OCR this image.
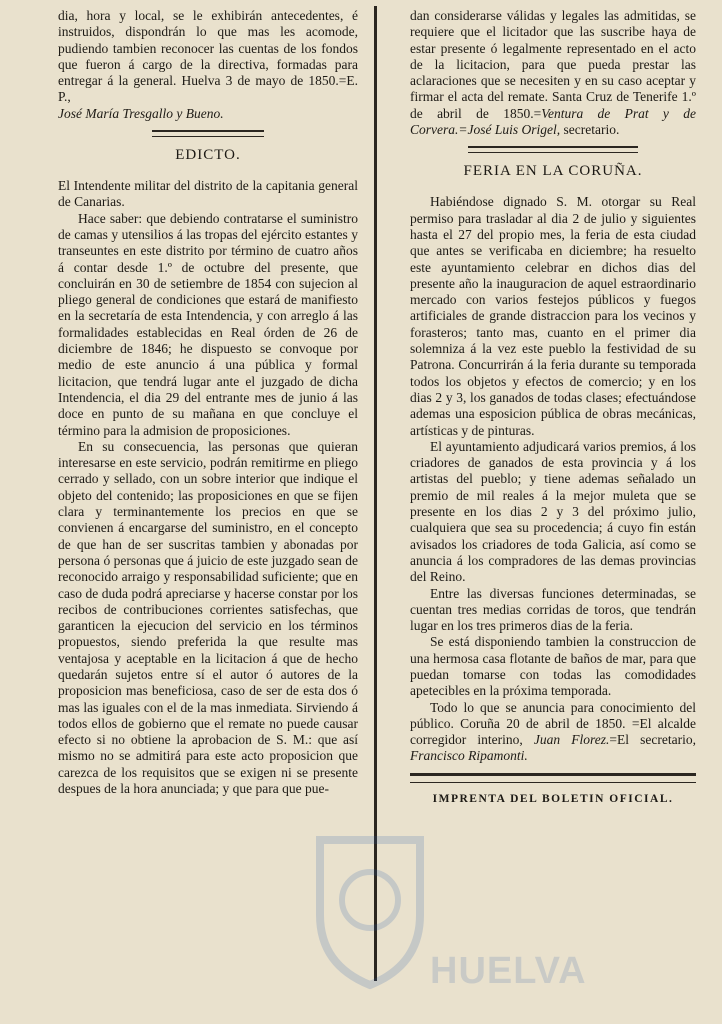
dia, hora y local, se le exhibirán antecedentes, é instruidos, dispondrán lo que mas les acomode, pudiendo tambien reconocer las cuentas de los fondos que fueron á cargo de la directiva, formadas para entregar á la general. Huelva 3 de mayo de 1850.=E. P.,

José María Tresgallo y Bueno.

EDICTO.

El Intendente militar del distrito de la capitania general de Canarias.

Hace saber: que debiendo contratarse el suministro de camas y utensilios á las tropas del ejército estantes y transeuntes en este distrito por término de cuatro años á contar desde 1.º de octubre del presente, que concluirán en 30 de setiembre de 1854 con sujecion al pliego general de condiciones que estará de manifiesto en la secretaría de esta Intendencia, y con arreglo á las formalidades establecidas en Real órden de 26 de diciembre de 1846; he dispuesto se convoque por medio de este anuncio á una pública y formal licitacion, que tendrá lugar ante el juzgado de dicha Intendencia, el dia 29 del entrante mes de junio á las doce en punto de su mañana en que concluye el término para la admision de proposiciones.

En su consecuencia, las personas que quieran interesarse en este servicio, podrán remitirme en pliego cerrado y sellado, con un sobre interior que indique el objeto del contenido; las proposiciones en que se fijen clara y terminantemente los precios en que se convienen á encargarse del suministro, en el concepto de que han de ser suscritas tambien y abonadas por persona ó personas que á juicio de este juzgado sean de reconocido arraigo y responsabilidad suficiente; que en caso de duda podrá apreciarse y hacerse constar por los recibos de contribuciones corrientes satisfechas, que garanticen la ejecucion del servicio en los términos propuestos, siendo preferida la que resulte mas ventajosa y aceptable en la licitacion á que de hecho quedarán sujetos entre sí el autor ó autores de la proposicion mas beneficiosa, caso de ser de esta dos ó mas las iguales con el de la mas inmediata. Sirviendo á todos ellos de gobierno que el remate no puede causar efecto si no obtiene la aprobacion de S. M.: que así mismo no se admitirá para este acto proposicion que carezca de los requisitos que se exigen ni se presente despues de la hora anunciada; y que para que pue-

dan considerarse válidas y legales las admitidas, se requiere que el licitador que las suscribe haya de estar presente ó legalmente representado en el acto de la licitacion, para que pueda prestar las aclaraciones que se necesiten y en su caso aceptar y firmar el acta del remate. Santa Cruz de Tenerife 1.º de abril de 1850.=Ventura de Prat y de Corvera.=José Luis Origel, secretario.

FERIA EN LA CORUÑA.

Habiéndose dignado S. M. otorgar su Real permiso para trasladar al dia 2 de julio y siguientes hasta el 27 del propio mes, la feria de esta ciudad que antes se verificaba en diciembre; ha resuelto este ayuntamiento celebrar en dichos dias del presente año la inauguracion de aquel estraordinario mercado con varios festejos públicos y fuegos artificiales de grande distraccion para los vecinos y forasteros; tanto mas, cuanto en el primer dia solemniza á la vez este pueblo la festividad de su Patrona. Concurrirán á la feria durante su temporada todos los objetos y efectos de comercio; y en los dias 2 y 3, los ganados de todas clases; efectuándose ademas una esposicion pública de obras mecánicas, artísticas y de pinturas.

El ayuntamiento adjudicará varios premios, á los criadores de ganados de esta provincia y á los artistas del pueblo; y tiene ademas señalado un premio de mil reales á la mejor muleta que se presente en los dias 2 y 3 del próximo julio, cualquiera que sea su procedencia; á cuyo fin están avisados los criadores de toda Galicia, así como se anuncia á los compradores de las demas provincias del Reino.

Entre las diversas funciones determinadas, se cuentan tres medias corridas de toros, que tendrán lugar en los tres primeros dias de la feria.

Se está disponiendo tambien la construccion de una hermosa casa flotante de baños de mar, para que puedan tomarse con todas las comodidades apetecibles en la próxima temporada.

Todo lo que se anuncia para conocimiento del público. Coruña 20 de abril de 1850. =El alcalde corregidor interino, Juan Florez.=El secretario, Francisco Ripamonti.

IMPRENTA DEL BOLETIN OFICIAL.
HUELVA
